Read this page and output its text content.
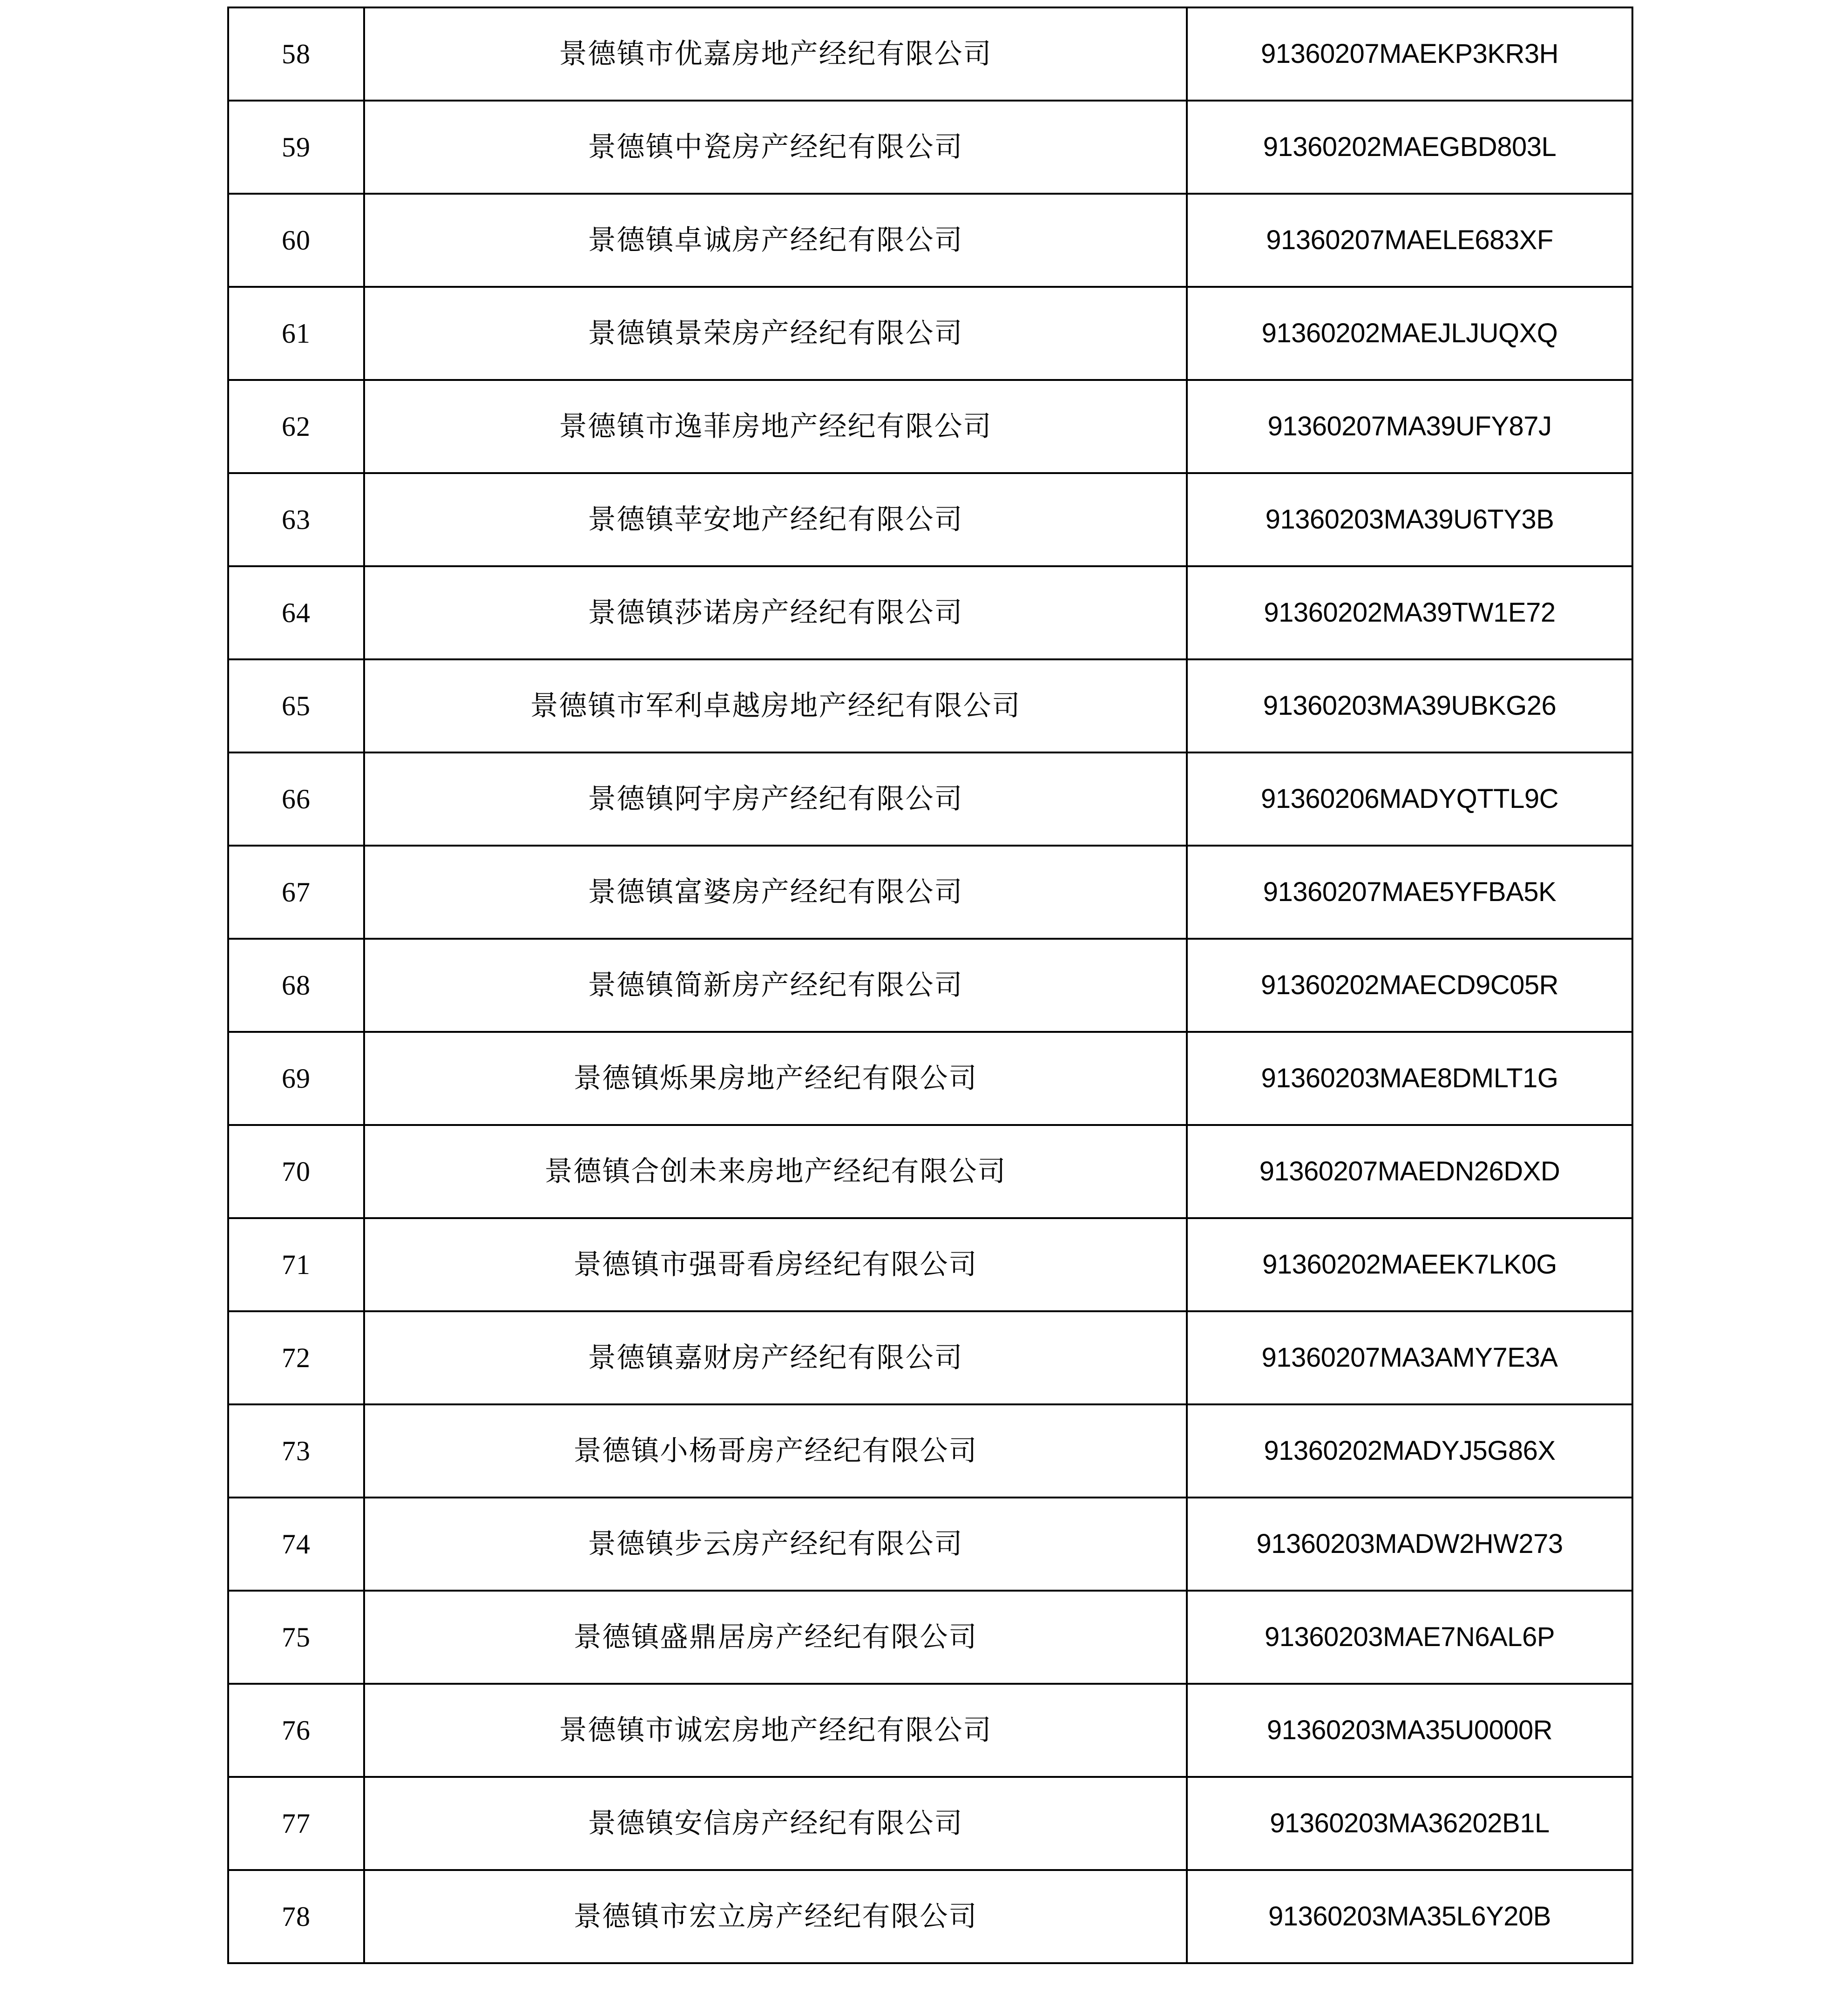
58	景德镇市优嘉房地产经纪有限公司	91360207MAEKP3KR3H
59	景德镇中瓷房产经纪有限公司	91360202MAEGBD803L
60	景德镇卓诚房产经纪有限公司	91360207MAELE683XF
61	景德镇景荣房产经纪有限公司	91360202MAEJLJUQXQ
62	景德镇市逸菲房地产经纪有限公司	91360207MA39UFY87J
63	景德镇苹安地产经纪有限公司	91360203MA39U6TY3B
64	景德镇莎诺房产经纪有限公司	91360202MA39TW1E72
65	景德镇市军利卓越房地产经纪有限公司	91360203MA39UBKG26
66	景德镇阿宇房产经纪有限公司	91360206MADYQTTL9C
67	景德镇富婆房产经纪有限公司	91360207MAE5YFBA5K
68	景德镇简新房产经纪有限公司	91360202MAECD9C05R
69	景德镇烁果房地产经纪有限公司	91360203MAE8DMLT1G
70	景德镇合创未来房地产经纪有限公司	91360207MAEDN26DXD
71	景德镇市强哥看房经纪有限公司	91360202MAEEK7LK0G
72	景德镇嘉财房产经纪有限公司	91360207MA3AMY7E3A
73	景德镇小杨哥房产经纪有限公司	91360202MADYJ5G86X
74	景德镇步云房产经纪有限公司	91360203MADW2HW273
75	景德镇盛鼎居房产经纪有限公司	91360203MAE7N6AL6P
76	景德镇市诚宏房地产经纪有限公司	91360203MA35U0000R
77	景德镇安信房产经纪有限公司	91360203MA36202B1L
78	景德镇市宏立房产经纪有限公司	91360203MA35L6Y20B
